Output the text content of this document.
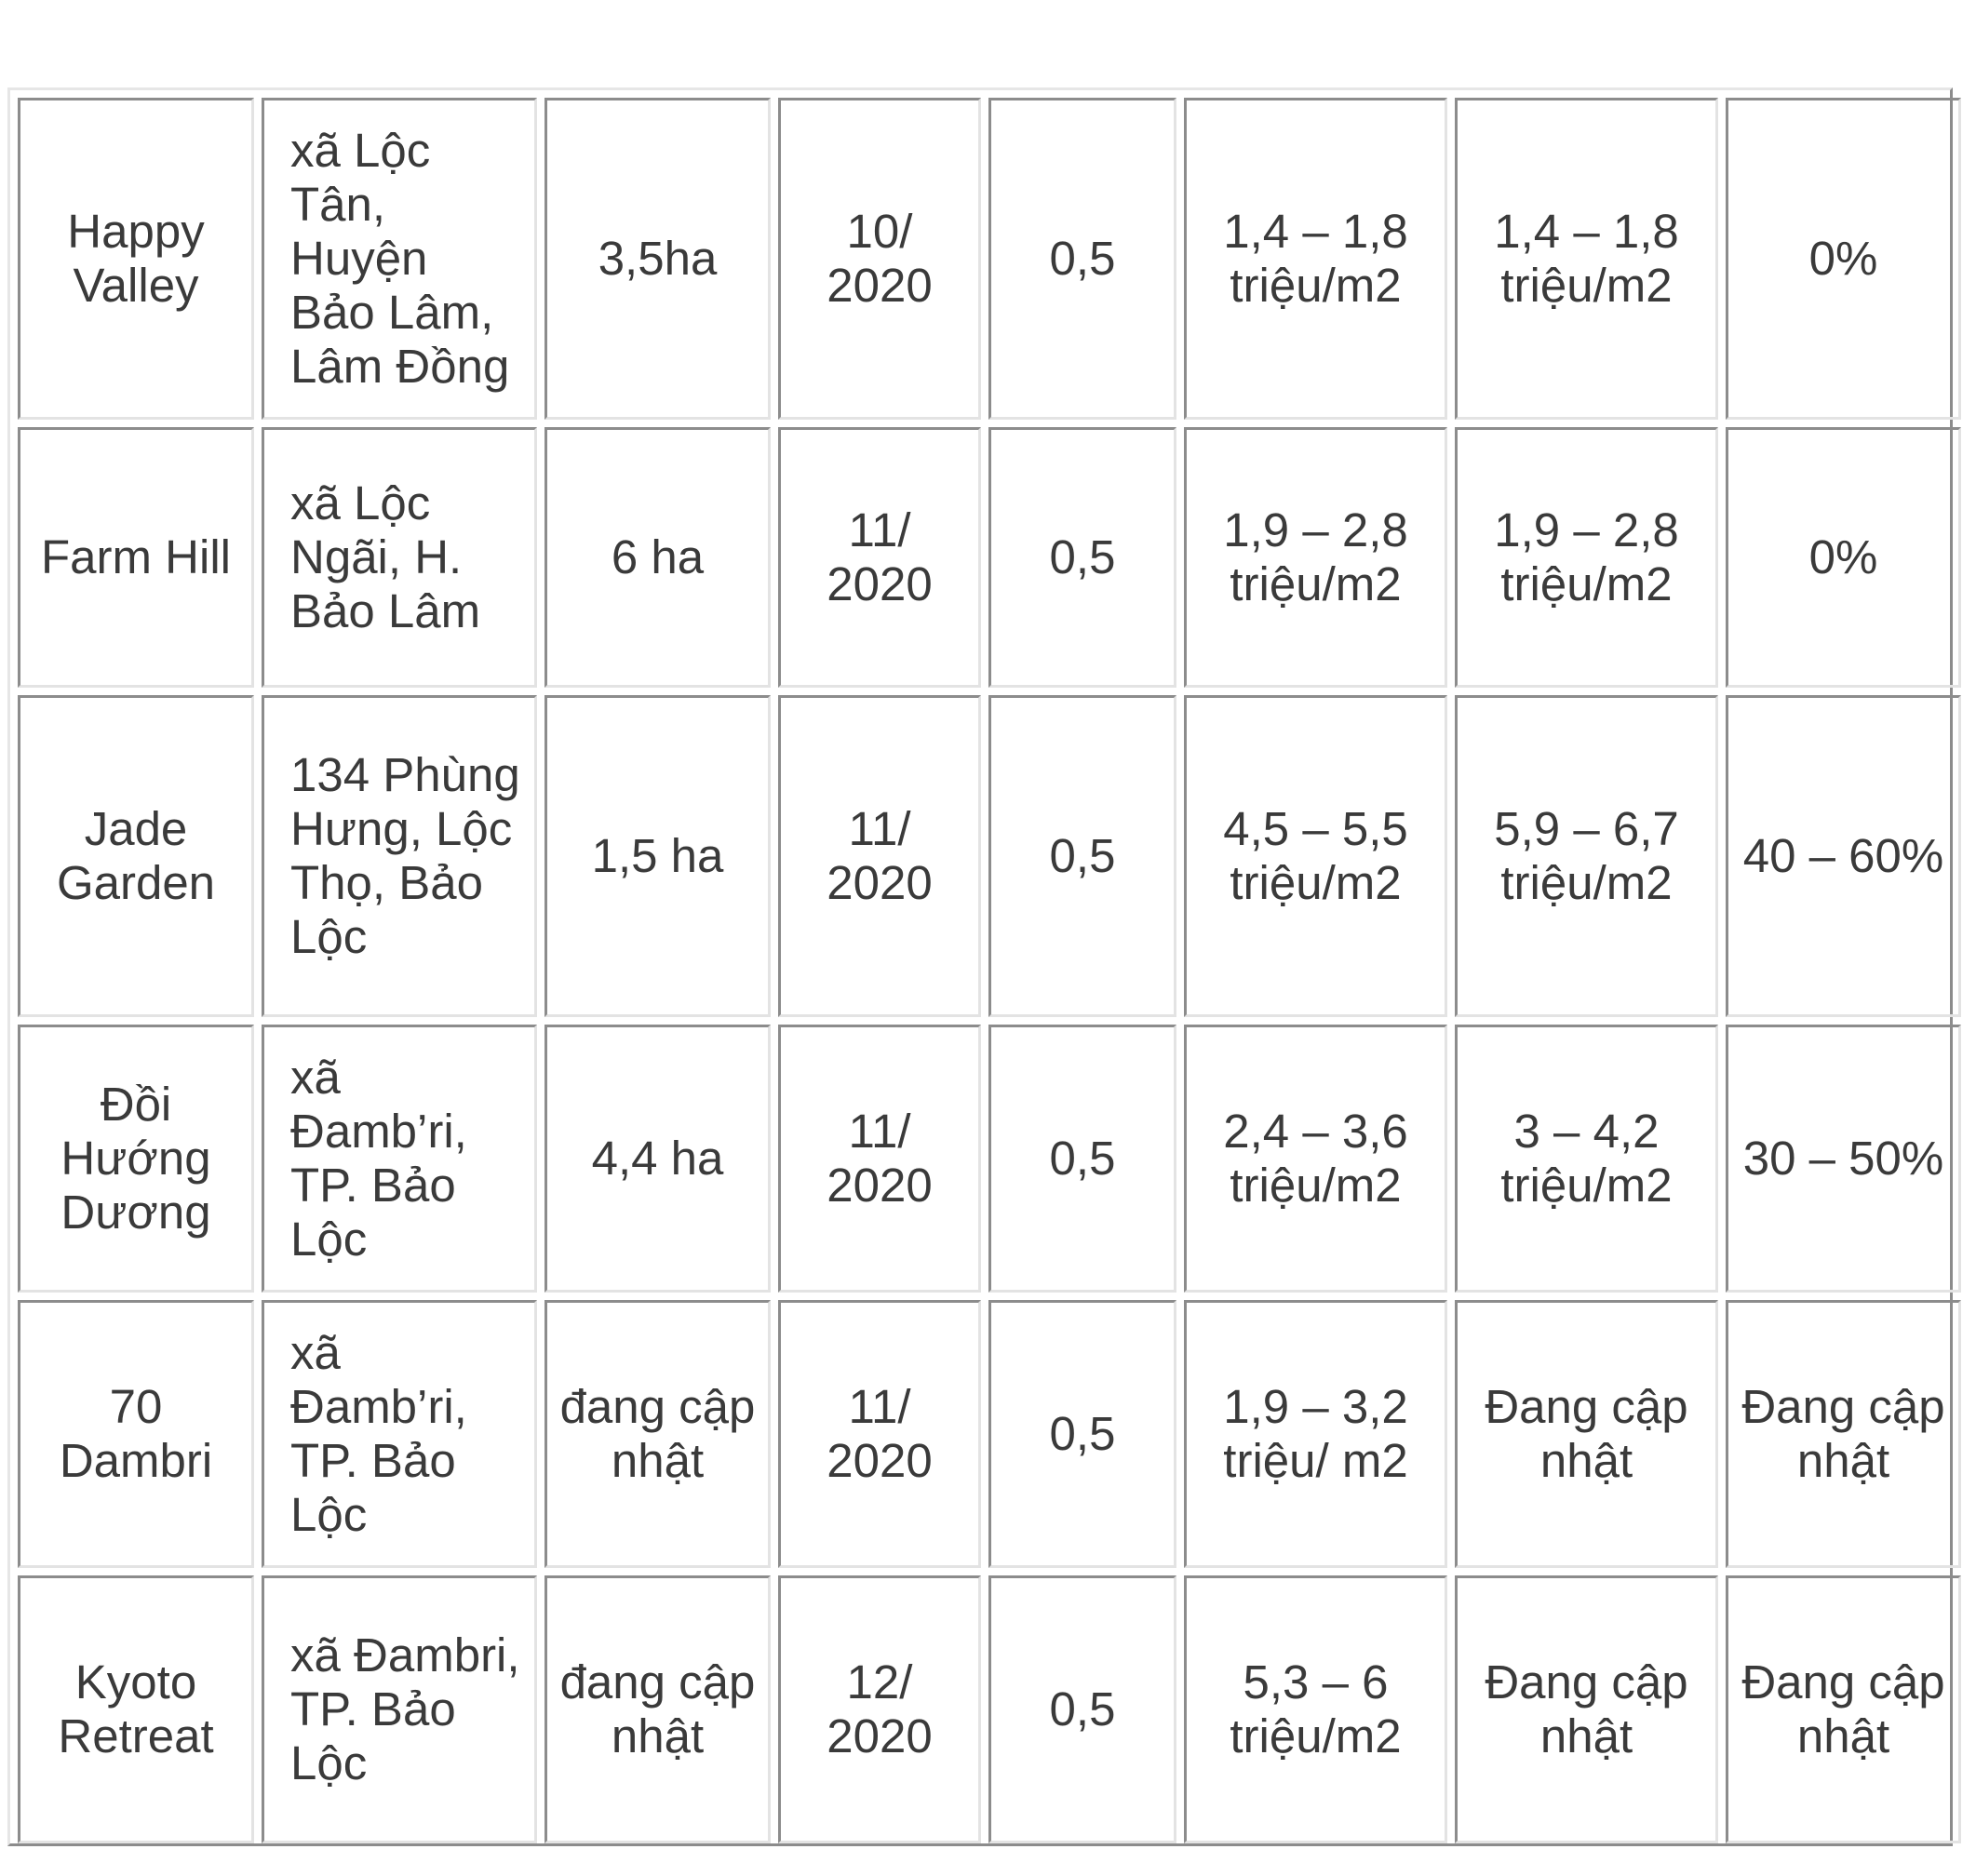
Happy Valley	xã Lộc Tân, Huyện Bảo Lâm, Lâm Đồng	3,5ha	10/ 2020	0,5	1,4 – 1,8 triệu/m2	1,4 – 1,8 triệu/m2	0%
Farm Hill	xã Lộc Ngãi, H. Bảo Lâm	6 ha	11/ 2020	0,5	1,9 – 2,8 triệu/m2	1,9 – 2,8 triệu/m2	0%
Jade Garden	134 Phùng Hưng, Lộc Thọ, Bảo Lộc	1,5 ha	11/ 2020	0,5	4,5 – 5,5 triệu/m2	5,9 – 6,7 triệu/m2	40 – 60%
Đồi Hướng Dương	xã Đamb’ri, TP. Bảo Lộc	4,4 ha	11/ 2020	0,5	2,4 – 3,6 triệu/m2	3 – 4,2 triệu/m2	30 – 50%
70 Dambri	xã Đamb’ri, TP. Bảo Lộc	đang cập nhật	11/ 2020	0,5	1,9 – 3,2 triệu/ m2	Đang cập nhật	Đang cập nhật
Kyoto Retreat	xã Đambri, TP. Bảo Lộc	đang cập nhật	12/ 2020	0,5	5,3 – 6 triệu/m2	Đang cập nhật	Đang cập nhật
